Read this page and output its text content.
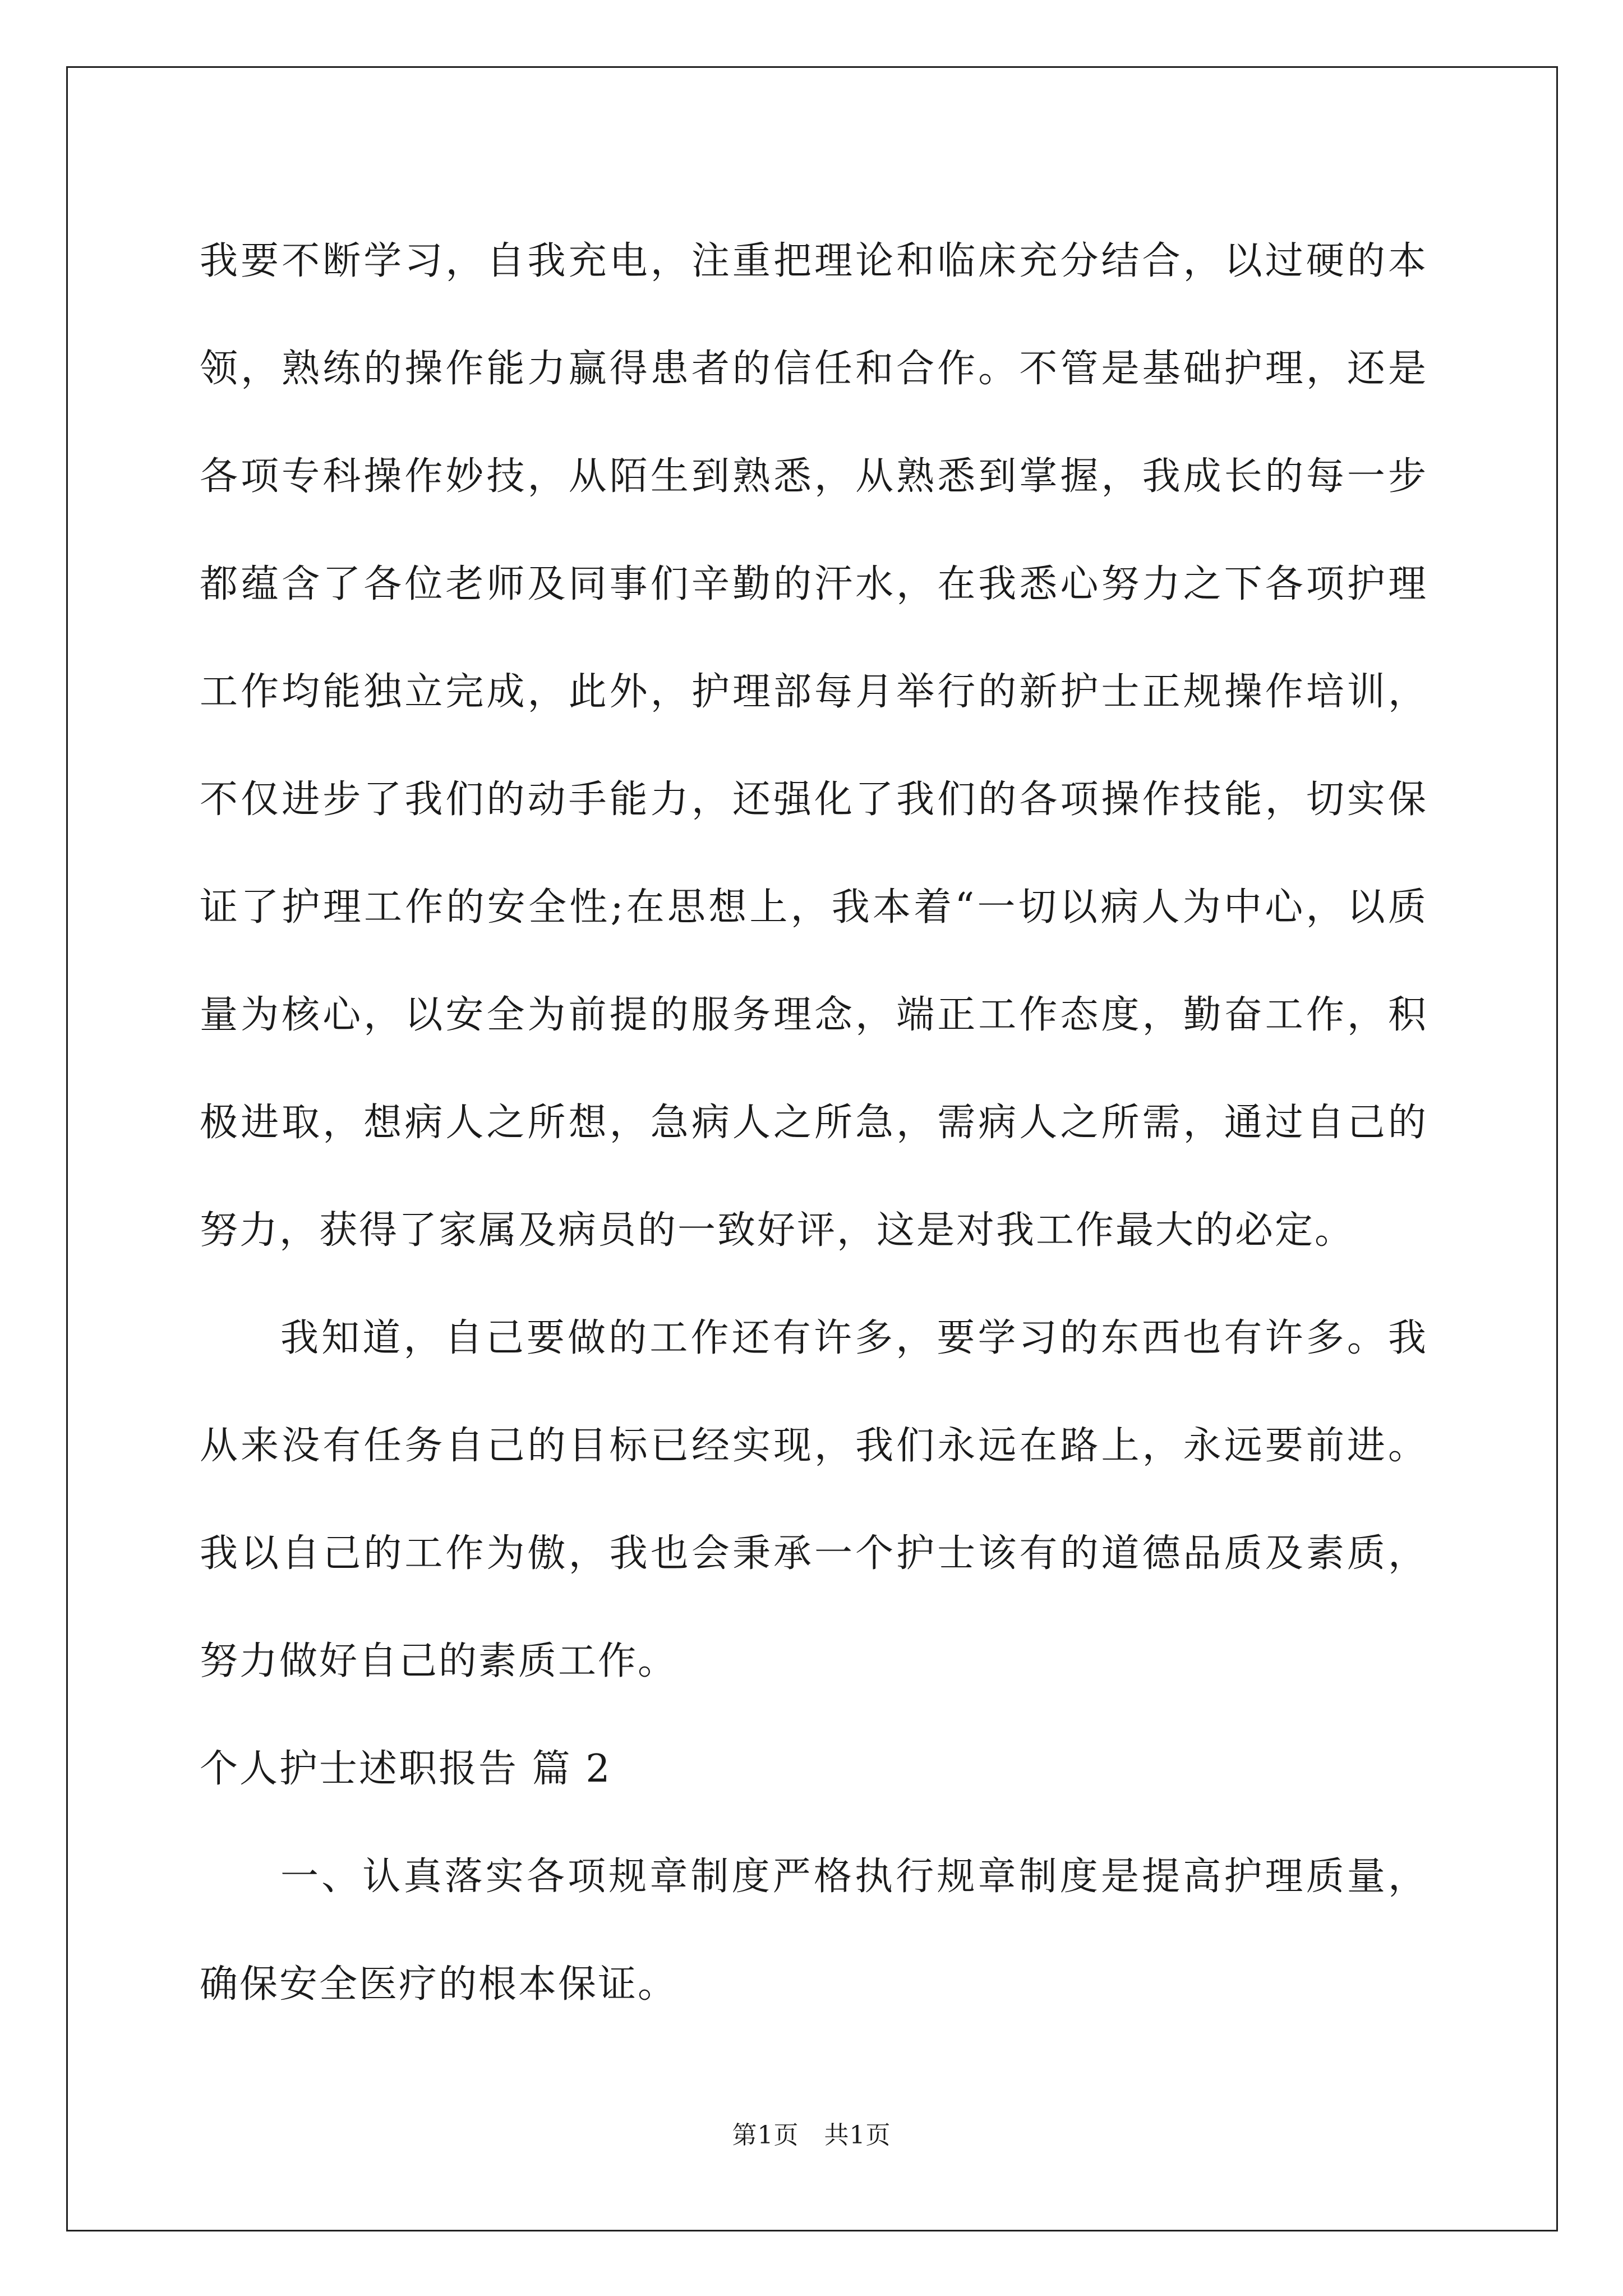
我要不断学习，自我充电，注重把理论和临床充分结合，以过硬的本领，熟练的操作能力赢得患者的信任和合作。不管是基础护理，还是各项专科操作妙技，从陌生到熟悉，从熟悉到掌握，我成长的每一步都蕴含了各位老师及同事们辛勤的汗水，在我悉心努力之下各项护理工作均能独立完成，此外，护理部每月举行的新护士正规操作培训，不仅进步了我们的动手能力，还强化了我们的各项操作技能，切实保证了护理工作的安全性;在思想上，我本着“一切以病人为中心，以质量为核心，以安全为前提的服务理念，端正工作态度，勤奋工作，积极进取，想病人之所想，急病人之所急，需病人之所需，通过自己的努力，获得了家属及病员的一致好评，这是对我工作最大的必定。

我知道，自己要做的工作还有许多，要学习的东西也有许多。我从来没有任务自己的目标已经实现，我们永远在路上，永远要前进。我以自己的工作为傲，我也会秉承一个护士该有的道德品质及素质，努力做好自己的素质工作。

个人护士述职报告 篇 2

一、认真落实各项规章制度严格执行规章制度是提高护理质量，确保安全医疗的根本保证。

第1页　共1页
